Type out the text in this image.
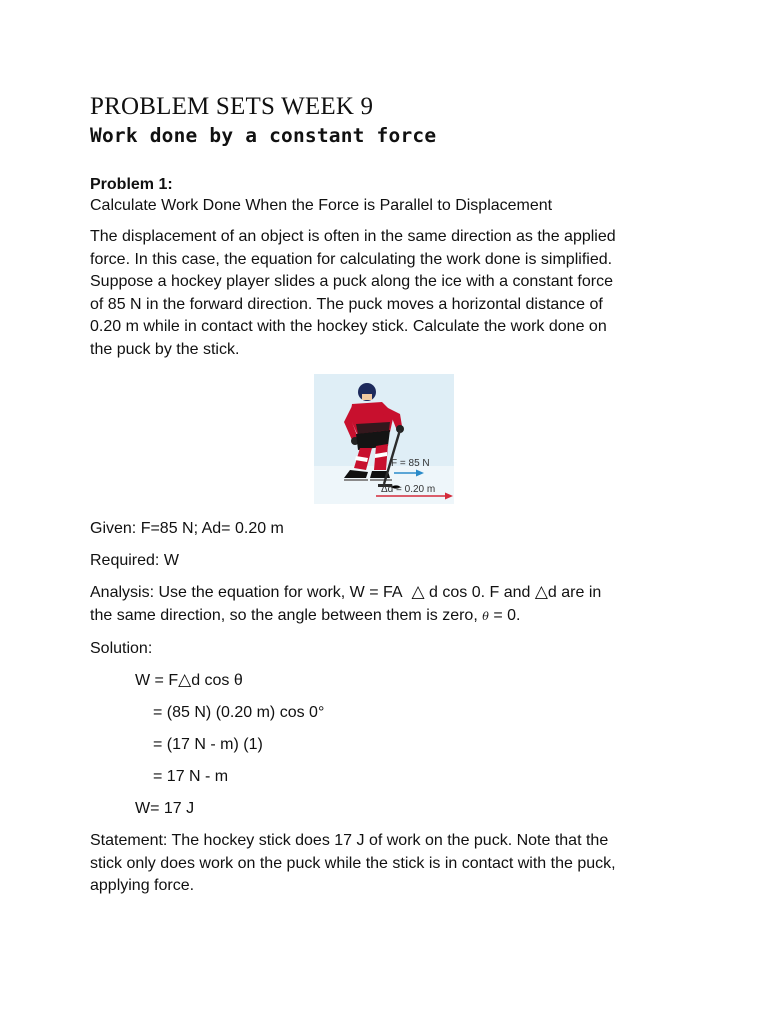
PROBLEM SETS WEEK 9
Work done by a constant force
Problem 1:
Calculate Work Done When the Force is Parallel to Displacement
The displacement of an object is often in the same direction as the applied
force. In this case, the equation for calculating the work done is simplified.
Suppose a hockey player slides a puck along the ice with a constant force
of 85 N in the forward direction. The puck moves a horizontal distance of
0.20 m while in contact with the hockey stick. Calculate the work done on
the puck by the stick.
F = 85 N
Δd = 0.20 m
Given: F=85 N; Ad= 0.20 m
Required: W
Analysis: Use the equation for work, W = FA △ d cos 0. F and △d are in
the same direction, so the angle between them is zero, θ = 0.
Solution:
W = F△d cos θ
= (85 N) (0.20 m) cos 0°
= (17 N - m) (1)
= 17 N - m
W= 17 J
Statement: The hockey stick does 17 J of work on the puck. Note that the
stick only does work on the puck while the stick is in contact with the puck,
applying force.
